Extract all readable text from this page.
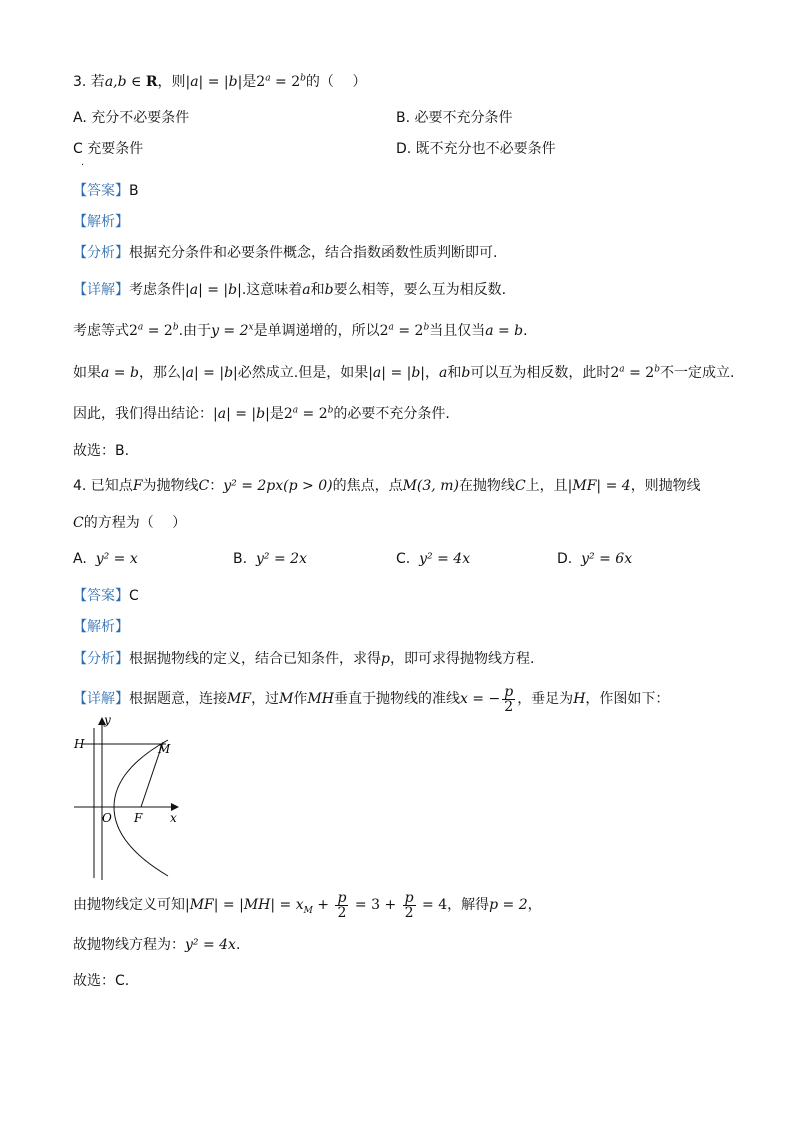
3. 若a,b ∈ R，则|a| = |b|是$2^a = 2^b$的（　 ）
A. 充分不必要条件	B. 必要不充分条件
C 充要条件
·
D. 既不充分也不必要条件
【答案】B
【解析】
【分析】根据充分条件和必要条件概念，结合指数函数性质判断即可.
【详解】考虑条件|a| = |b|.这意味着a和b要么相等，要么互为相反数.
考虑等式$2^a = 2^b$.由于$y = 2^x$是单调递增的，所以$2^a = 2^b$当且仅当a = b.
如果a = b，那么|a| = |b|必然成立.但是，如果|a| = |b|，a和b可以互为相反数，此时$2^a = 2^b$不一定成立.
因此，我们得出结论：|a| = |b|是$2^a = 2^b$的必要不充分条件.
故选：B.
4. 已知点F为抛物线C：y² = 2px(p > 0)的焦点，点M(3, m)在抛物线C上，且|MF| = 4，则抛物线
C的方程为（　 ）
A. y² = x	B. y² = 2x	C. y² = 4x	D. y² = 6x
【答案】C
【解析】
【分析】根据抛物线的定义，结合已知条件，求得p，即可求得抛物线方程.
【详解】根据题意，连接MF，过M作MH垂直于抛物线的准线x = − $\frac{p}{2}$ ，垂足为H，作图如下：
y
H	M
O F x
由抛物线定义可知$|MF| = |MH| = x_M + \frac{p}{2} = 3 + \frac{p}{2} = 4$，解得p = 2，
故抛物线方程为：y² = 4x.
故选：C.
